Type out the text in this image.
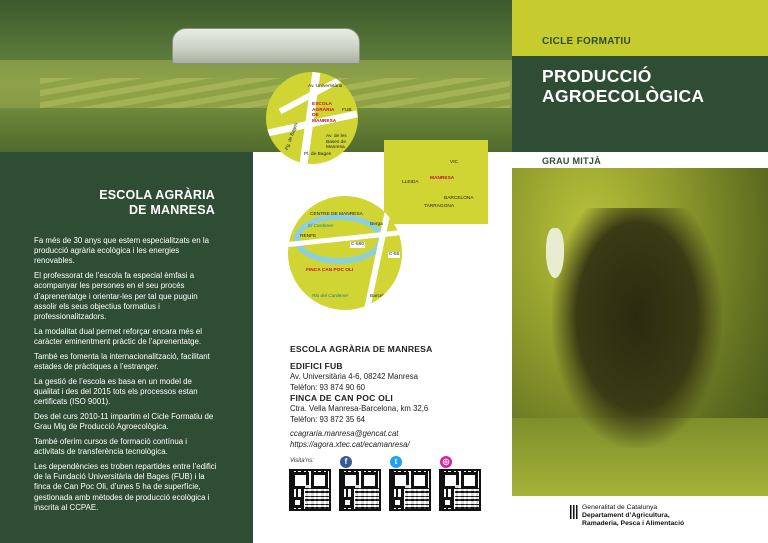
ESCOLA AGRÀRIA
DE MANRESA

Fa més de 30 anys que estem especialitzats en la producció agrària ecològica i les energies renovables.

El professorat de l’escola fa especial èmfasi a acompanyar les persones en el seu procés d’aprenentatge i orientar-les per tal que puguin assolir els seus objectius formatius i professionalitzadors.

La modalitat dual permet reforçar encara més el caràcter eminentment pràctic de l’aprenentatge.

També es fomenta la internacionalització, facilitant estades de pràctiques a l’estranger.

La gestió de l’escola es basa en un model de qualitat i des del 2015 tots els processos estan certificats (ISO 9001).

Des del curs 2010-11 impartim el Cicle Formatiu de Grau Mig de Producció Agroecològica.

També oferim cursos de formació contínua i activitats de transferència tecnològica.

Les dependències es troben repartides entre l’edifici de la Fundació Universitària del Bages (FUB) i la finca de Can Poc Oli, d’unes 5 ha de superfície, gestionada amb mètodes de producció ecològica i inscrita al CCPAE.

Av. Universitària
ESCOLA AGRÀRIA DE MANRESA
FUB
Av. de les Bases de Manresa
Pl. de Bages
Pg. de Bages
VIC
MANRESA
LLEIDA
BARCELONA
TARRAGONA
CENTRE DE MANRESA
El Cardener
RENFE
C-660
C-55
Berga
FINCA CAN POC OLI
Riu del Cardener	Barcelona
ESCOLA AGRÀRIA DE MANRESA
EDIFICI FUB
Av. Universitària 4-6, 08242 Manresa
Telèfon: 93 874 90 60
FINCA DE CAN POC OLI
Ctra. Vella Manresa-Barcelona, km 32,6
Telèfon: 93 872 35 64
ccagraria.manresa@gencat.cat
https://agora.xtec.cat/ecamanresa/
Visita’ns:	f	t	◎
CICLE FORMATIU
PRODUCCIÓ
AGROECOLÒGICA
GRAU MITJÀ
Generalitat de Catalunya
Departament d’Agricultura,
Ramaderia, Pesca i Alimentació
